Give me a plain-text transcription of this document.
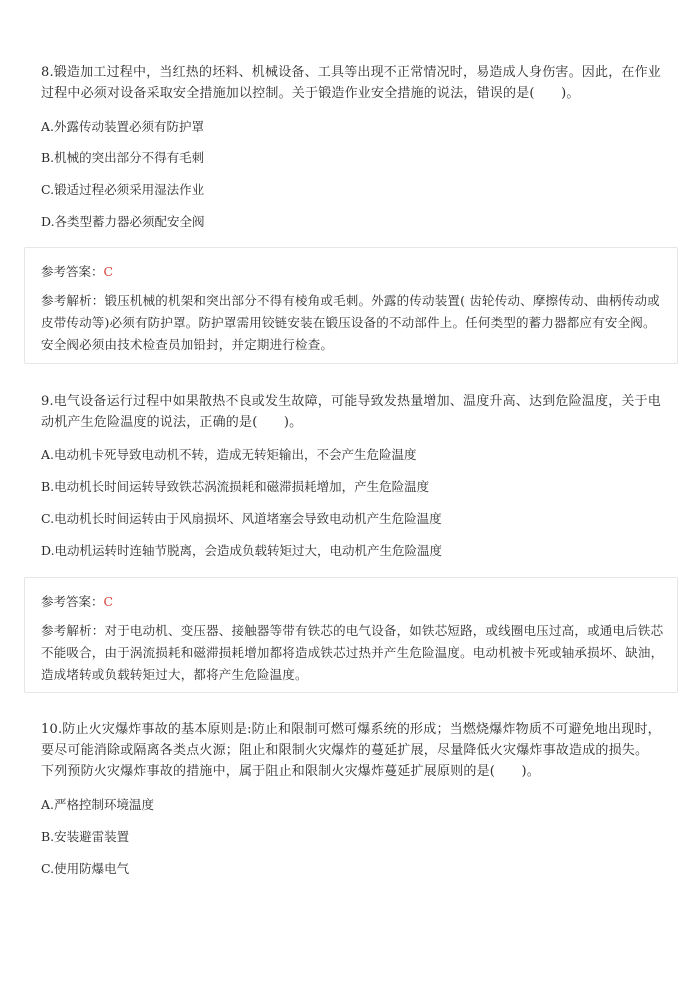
8.锻造加工过程中，当红热的坯料、机械设备、工具等出现不正常情况时，易造成人身伤害。因此，在作业过程中必须对设备采取安全措施加以控制。关于锻造作业安全措施的说法，错误的是(　　)。
A.外露传动装置必须有防护罩
B.机械的突出部分不得有毛刺
C.锻适过程必须采用湿法作业
D.各类型蓄力器必须配安全阀
参考答案：C
参考解析：锻压机械的机架和突出部分不得有棱角或毛刺。外露的传动装置( 齿轮传动、摩擦传动、曲柄传动或皮带传动等)必须有防护罩。防护罩需用铰链安装在锻压设备的不动部件上。任何类型的蓄力器都应有安全阀。安全阀必须由技术检查员加铅封，并定期进行检查。
9.电气设备运行过程中如果散热不良或发生故障，可能导致发热量增加、温度升高、达到危险温度，关于电动机产生危险温度的说法，正确的是(　　)。
A.电动机卡死导致电动机不转，造成无转矩输出，不会产生危险温度
B.电动机长时间运转导致铁芯涡流损耗和磁滞损耗增加，产生危险温度
C.电动机长时间运转由于风扇损坏、风道堵塞会导致电动机产生危险温度
D.电动机运转时连轴节脱离，会造成负载转矩过大，电动机产生危险温度
参考答案：C
参考解析：对于电动机、变压器、接触器等带有铁芯的电气设备，如铁芯短路，或线圈电压过高，或通电后铁芯不能吸合，由于涡流损耗和磁滞损耗增加都将造成铁芯过热并产生危险温度。电动机被卡死或轴承损坏、缺油，造成堵转或负载转矩过大，都将产生危险温度。
10.防止火灾爆炸事故的基本原则是:防止和限制可燃可爆系统的形成；当燃烧爆炸物质不可避免地出现时，要尽可能消除或隔离各类点火源；阻止和限制火灾爆炸的蔓延扩展，尽量降低火灾爆炸事故造成的损失。下列预防火灾爆炸事故的措施中，属于阻止和限制火灾爆炸蔓延扩展原则的是(　　)。
A.严格控制环境温度
B.安装避雷装置
C.使用防爆电气
